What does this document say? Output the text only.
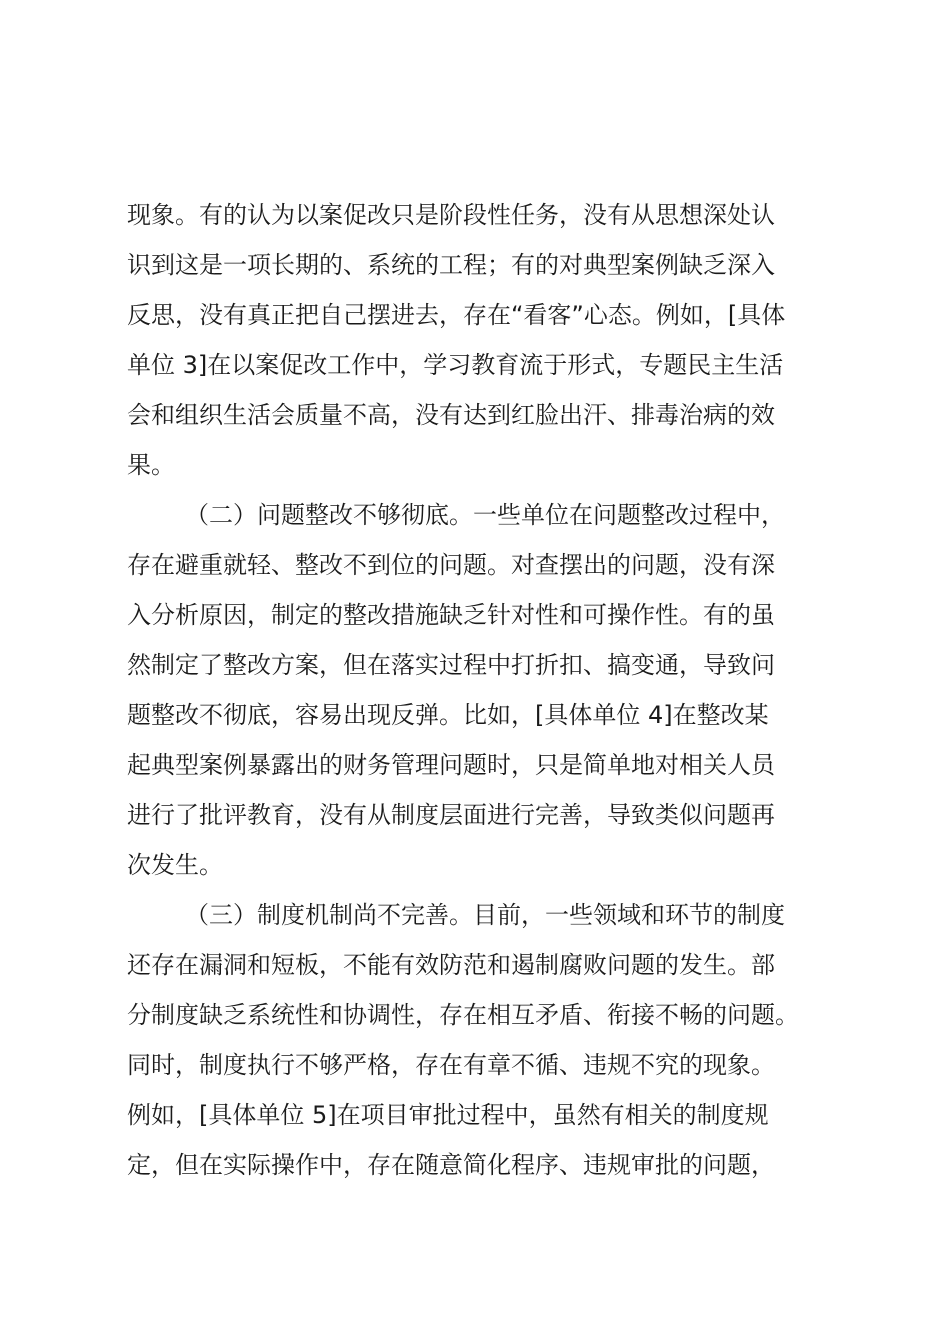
现象。有的认为以案促改只是阶段性任务，没有从思想深处认
识到这是一项长期的、系统的工程；有的对典型案例缺乏深入
反思，没有真正把自己摆进去，存在“看客”心态。例如，[具体
单位 3]在以案促改工作中，学习教育流于形式，专题民主生活
会和组织生活会质量不高，没有达到红脸出汗、排毒治病的效
果。
（二）问题整改不够彻底。一些单位在问题整改过程中，
存在避重就轻、整改不到位的问题。对查摆出的问题，没有深
入分析原因，制定的整改措施缺乏针对性和可操作性。有的虽
然制定了整改方案，但在落实过程中打折扣、搞变通，导致问
题整改不彻底，容易出现反弹。比如，[具体单位 4]在整改某
起典型案例暴露出的财务管理问题时，只是简单地对相关人员
进行了批评教育，没有从制度层面进行完善，导致类似问题再
次发生。
（三）制度机制尚不完善。目前，一些领域和环节的制度
还存在漏洞和短板，不能有效防范和遏制腐败问题的发生。部
分制度缺乏系统性和协调性，存在相互矛盾、衔接不畅的问题。
同时，制度执行不够严格，存在有章不循、违规不究的现象。
例如，[具体单位 5]在项目审批过程中，虽然有相关的制度规
定，但在实际操作中，存在随意简化程序、违规审批的问题，
